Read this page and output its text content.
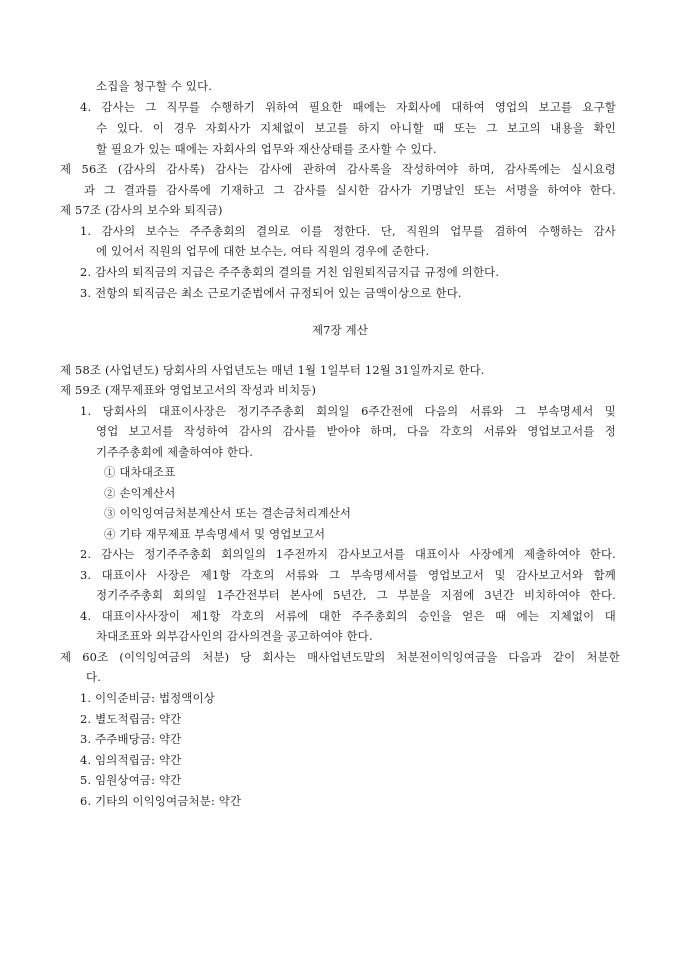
소집을 청구할 수 있다.

4. 감사는 그 직무를 수행하기 위하여 필요한 때에는 자회사에 대하여 영업의 보고를 요구할

수 있다. 이 경우 자회사가 지체없이 보고를 하지 아니할 때 또는 그 보고의 내용을 확인

할 필요가 있는 때에는 자회사의 업무와 재산상태를 조사할 수 있다.

제 56조 (감사의 감사록) 감사는 감사에 관하여 감사록을 작성하여야 하며, 감사록에는 실시요령

과 그 결과를 감사록에 기재하고 그 감사를 실시한 감사가 기명날인 또는 서명을 하여야 한다.

제 57조 (감사의 보수와 퇴직금)

1. 감사의 보수는 주주총회의 결의로 이를 정한다. 단, 직원의 업무를 겸하여 수행하는 감사

에 있어서 직원의 업무에 대한 보수는, 여타 직원의 경우에 준한다.

2. 감사의 퇴직금의 지급은 주주총회의 결의를 거친 임원퇴직금지급 규정에 의한다.

3. 전항의 퇴직금은 최소 근로기준법에서 규정되어 있는 금액이상으로 한다.

제7장 계산

제 58조 (사업년도) 당회사의 사업년도는 매년 1월 1일부터 12월 31일까지로 한다.

제 59조 (재무제표와 영업보고서의 작성과 비치등)

1. 당회사의 대표이사장은 정기주주총회 회의일 6주간전에 다음의 서류와 그 부속명세서 및

영업 보고서를 작성하여 감사의 감사를 받아야 하며, 다음 각호의 서류와 영업보고서를 정

기주주총회에 제출하여야 한다.

① 대차대조표

② 손익계산서

③ 이익잉여금처분계산서 또는 결손금처리계산서

④ 기타 재무제표 부속명세서 및 영업보고서

2. 감사는 정기주주총회 회의일의 1주전까지 감사보고서를 대표이사 사장에게 제출하여야 한다.

3. 대표이사 사장은 제1항 각호의 서류와 그 부속명세서를 영업보고서 및 감사보고서와 함께

정기주주총회 회의일 1주간전부터 본사에 5년간, 그 부분을 지점에 3년간 비치하여야 한다.

4. 대표이사사장이 제1항 각호의 서류에 대한 주주총회의 승인을 얻은 때 에는 지체없이 대

차대조표와 외부감사인의 감사의견을 공고하여야 한다.

제 60조 (이익잉여금의 처분) 당 회사는 매사업년도말의 처분전이익잉여금을 다음과 같이 처분한

다.

1. 이익준비금: 법정액이상

2. 별도적립금: 약간

3. 주주배당금: 약간

4. 임의적립금: 약간

5. 임원상여금: 약간

6. 기타의 이익잉여금처분: 약간
